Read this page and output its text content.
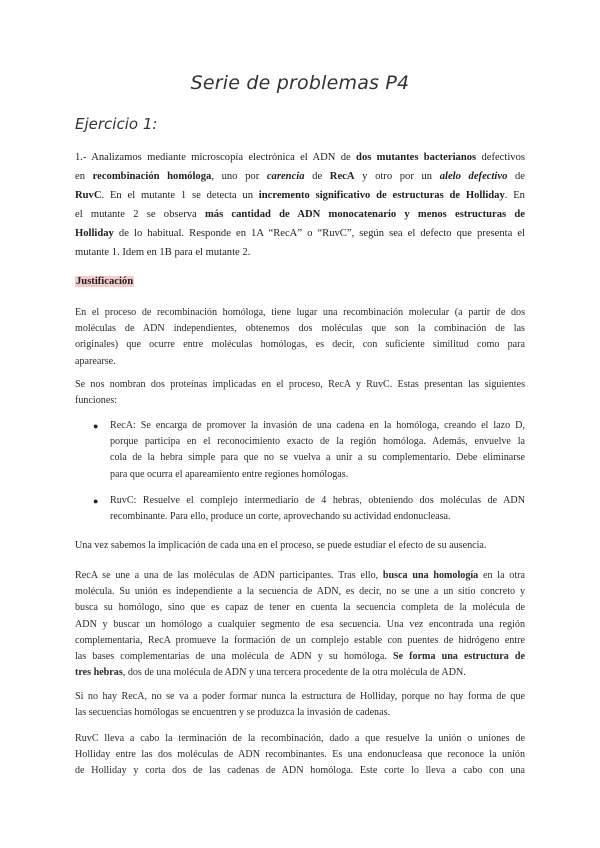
Serie de problemas P4
Ejercicio 1:
1.- Analizamos mediante microscopía electrónica el ADN de dos mutantes bacterianos defectivos
en recombinación homóloga, uno por carencia de RecA y otro por un alelo defectivo de
RuvC. En el mutante 1 se detecta un incremento significativo de estructuras de Holliday. En
el mutante 2 se observa más cantidad de ADN monocatenario y menos estructuras de
Holliday de lo habitual. Responde en 1A “RecA” o “RuvC”, según sea el defecto que presenta el
mutante 1. Idem en 1B para el mutante 2.
Justificación
En el proceso de recombinación homóloga, tiene lugar una recombinación molecular (a partir de dos
moléculas de ADN independientes, obtenemos dos moléculas que son la combinación de las
originales) que ocurre entre moléculas homólogas, es decir, con suficiente similitud como para
aparearse.
Se nos nombran dos proteínas implicadas en el proceso, RecA y RuvC. Estas presentan las siguientes
funciones:
● RecA: Se encarga de promover la invasión de una cadena en la homóloga, creando el lazo D,
porque participa en el reconocimiento exacto de la región homóloga. Además, envuelve la
cola de la hebra simple para que no se vuelva a unir a su complementario. Debe eliminarse
para que ocurra el apareamiento entre regiones homólogas.
● RuvC: Resuelve el complejo intermediario de 4 hebras, obteniendo dos moléculas de ADN
recombinante. Para ello, produce un corte, aprovechando su actividad endonucleasa.
Una vez sabemos la implicación de cada una en el proceso, se puede estudiar el efecto de su ausencia.
RecA se une a una de las moléculas de ADN participantes. Tras ello, busca una homología en la otra
molécula. Su unión es independiente a la secuencia de ADN, es decir, no se une a un sitio concreto y
busca su homólogo, sino que es capaz de tener en cuenta la secuencia completa de la molécula de
ADN y buscar un homólogo a cualquier segmento de esa secuencia. Una vez encontrada una región
complementaria, RecA promueve la formación de un complejo estable con puentes de hidrógeno entre
las bases complementarias de una molécula de ADN y su homóloga. Se forma una estructura de
tres hebras, dos de una molécula de ADN y una tercera procedente de la otra molécula de ADN.
Si no hay RecA, no se va a poder formar nunca la estructura de Holliday, porque no hay forma de que
las secuencias homólogas se encuentren y se produzca la invasión de cadenas.
RuvC lleva a cabo la terminación de la recombinación, dado a que resuelve la unión o uniones de
Holliday entre las dos moléculas de ADN recombinantes. Es una endonucleasa que reconoce la unión
de Holliday y corta dos de las cadenas de ADN homóloga. Este corte lo lleva a cabo con una
